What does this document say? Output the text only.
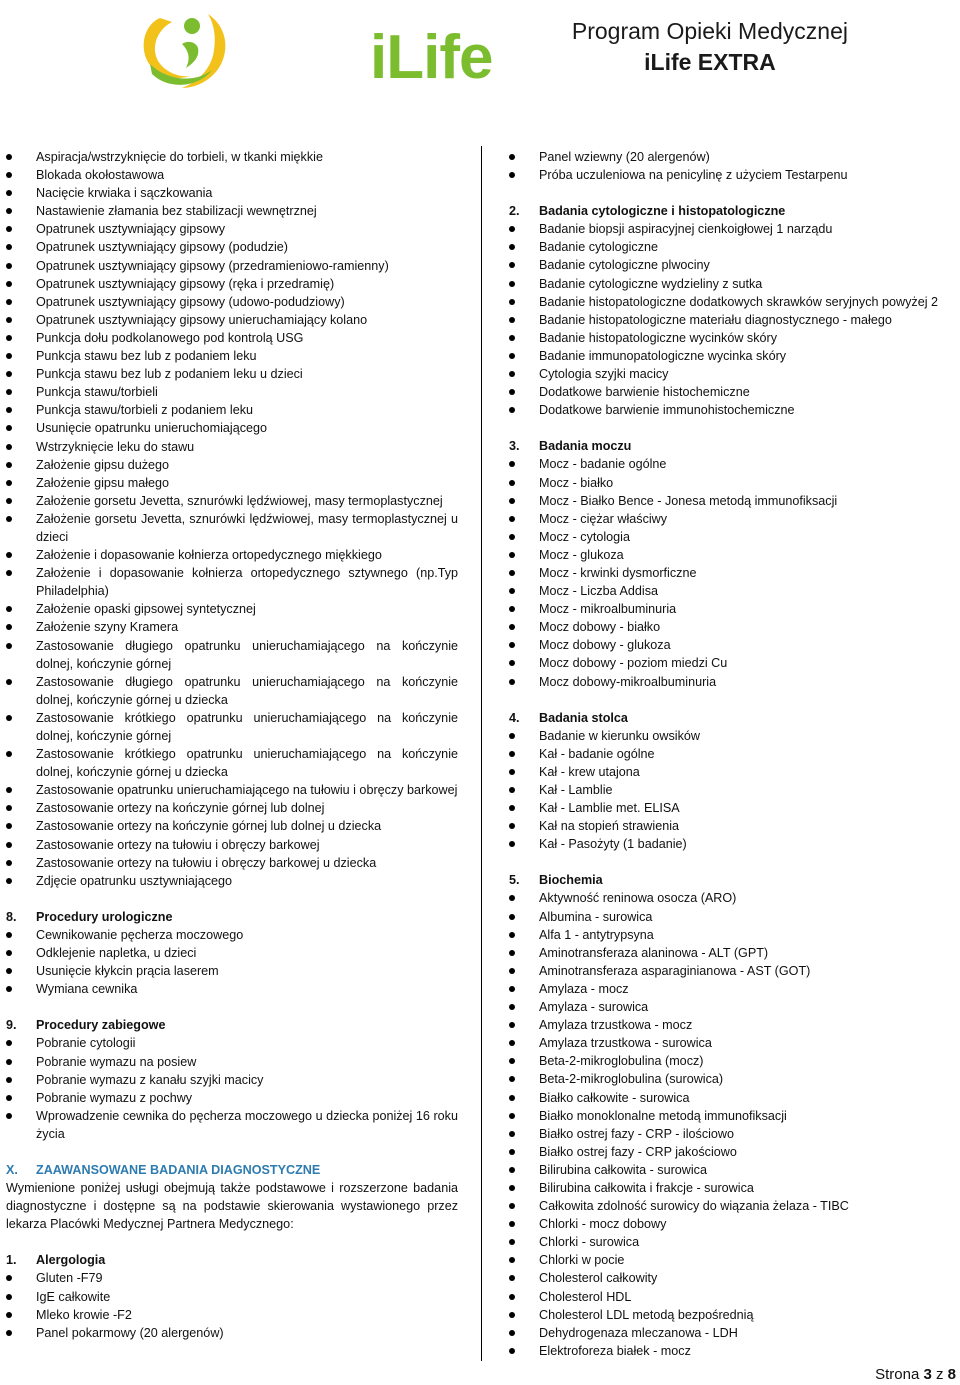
iLife	Program Opieki Medycznej
iLife EXTRA
Aspiracja/wstrzyknięcie do torbieli, w tkanki miękkie
Blokada okołostawowa
Nacięcie krwiaka i sączkowania
Nastawienie złamania bez stabilizacji wewnętrznej
Opatrunek usztywniający gipsowy
Opatrunek usztywniający gipsowy (podudzie)
Opatrunek usztywniający gipsowy (przedramieniowo-ramienny)
Opatrunek usztywniający gipsowy (ręka i przedramię)
Opatrunek usztywniający gipsowy (udowo-podudziowy)
Opatrunek usztywniający gipsowy unieruchamiający kolano
Punkcja dołu podkolanowego pod kontrolą USG
Punkcja stawu bez lub z podaniem leku
Punkcja stawu bez lub z podaniem leku u dzieci
Punkcja stawu/torbieli
Punkcja stawu/torbieli z podaniem leku
Usunięcie opatrunku unieruchomiającego
Wstrzyknięcie leku do stawu
Założenie gipsu dużego
Założenie gipsu małego
Założenie gorsetu Jevetta, sznurówki lędźwiowej, masy termoplastycznej
Założenie gorsetu Jevetta, sznurówki lędźwiowej, masy termoplastycznej u dzieci
Założenie i dopasowanie kołnierza ortopedycznego miękkiego
Założenie i dopasowanie kołnierza ortopedycznego sztywnego (np.Typ Philadelphia)
Założenie opaski gipsowej syntetycznej
Założenie szyny Kramera
Zastosowanie długiego opatrunku unieruchamiającego na kończynie dolnej, kończynie górnej
Zastosowanie długiego opatrunku unieruchamiającego na kończynie dolnej, kończynie górnej u dziecka
Zastosowanie krótkiego opatrunku unieruchamiającego na kończynie dolnej, kończynie górnej
Zastosowanie krótkiego opatrunku unieruchamiającego na kończynie dolnej, kończynie górnej u dziecka
Zastosowanie opatrunku unieruchamiającego na tułowiu i obręczy barkowej
Zastosowanie ortezy na kończynie górnej lub dolnej
Zastosowanie ortezy na kończynie górnej lub dolnej u dziecka
Zastosowanie ortezy na tułowiu i obręczy barkowej
Zastosowanie ortezy na tułowiu i obręczy barkowej u dziecka
Zdjęcie opatrunku usztywniającego
8. Procedury urologiczne
Cewnikowanie pęcherza moczowego
Odklejenie napletka, u dzieci
Usunięcie kłykcin prącia laserem
Wymiana cewnika
9. Procedury zabiegowe
Pobranie cytologii
Pobranie wymazu na posiew
Pobranie wymazu z kanału szyjki macicy
Pobranie wymazu z pochwy
Wprowadzenie cewnika do pęcherza moczowego u dziecka poniżej 16 roku życia
X. ZAAWANSOWANE BADANIA DIAGNOSTYCZNE
Wymienione poniżej usługi obejmują także podstawowe i rozszerzone badania diagnostyczne i dostępne są na podstawie skierowania wystawionego przez lekarza Placówki Medycznej Partnera Medycznego:
1. Alergologia
Gluten -F79
IgE całkowite
Mleko krowie -F2
Panel pokarmowy (20 alergenów)
Panel wziewny (20 alergenów)
Próba uczuleniowa na penicylinę z użyciem Testarpenu
2. Badania cytologiczne i histopatologiczne
Badanie biopsji aspiracyjnej cienkoigłowej 1 narządu
Badanie cytologiczne
Badanie cytologiczne plwociny
Badanie cytologiczne wydzieliny z sutka
Badanie histopatologiczne dodatkowych skrawków seryjnych powyżej 2
Badanie histopatologiczne materiału diagnostycznego - małego
Badanie histopatologiczne wycinków skóry
Badanie immunopatologiczne wycinka skóry
Cytologia szyjki macicy
Dodatkowe barwienie histochemiczne
Dodatkowe barwienie immunohistochemiczne
3. Badania moczu
Mocz - badanie ogólne
Mocz - białko
Mocz - Białko Bence - Jonesa metodą immunofiksacji
Mocz - ciężar właściwy
Mocz - cytologia
Mocz - glukoza
Mocz - krwinki dysmorficzne
Mocz - Liczba Addisa
Mocz - mikroalbuminuria
Mocz dobowy - białko
Mocz dobowy - glukoza
Mocz dobowy - poziom miedzi Cu
Mocz dobowy-mikroalbuminuria
4. Badania stolca
Badanie w kierunku owsików
Kał - badanie ogólne
Kał - krew utajona
Kał - Lamblie
Kał - Lamblie met. ELISA
Kał na stopień strawienia
Kał - Pasożyty (1 badanie)
5. Biochemia
Aktywność reninowa osocza (ARO)
Albumina - surowica
Alfa 1 - antytrypsyna
Aminotransferaza alaninowa - ALT (GPT)
Aminotransferaza asparaginianowa - AST (GOT)
Amylaza - mocz
Amylaza - surowica
Amylaza trzustkowa - mocz
Amylaza trzustkowa - surowica
Beta-2-mikroglobulina (mocz)
Beta-2-mikroglobulina (surowica)
Białko całkowite - surowica
Białko monoklonalne metodą immunofiksacji
Białko ostrej fazy - CRP - ilościowo
Białko ostrej fazy - CRP jakościowo
Bilirubina całkowita - surowica
Bilirubina całkowita i frakcje - surowica
Całkowita zdolność surowicy do wiązania żelaza - TIBC
Chlorki - mocz dobowy
Chlorki - surowica
Chlorki w pocie
Cholesterol całkowity
Cholesterol HDL
Cholesterol LDL metodą bezpośrednią
Dehydrogenaza mleczanowa - LDH
Elektroforeza białek - mocz
Strona 3 z 8
